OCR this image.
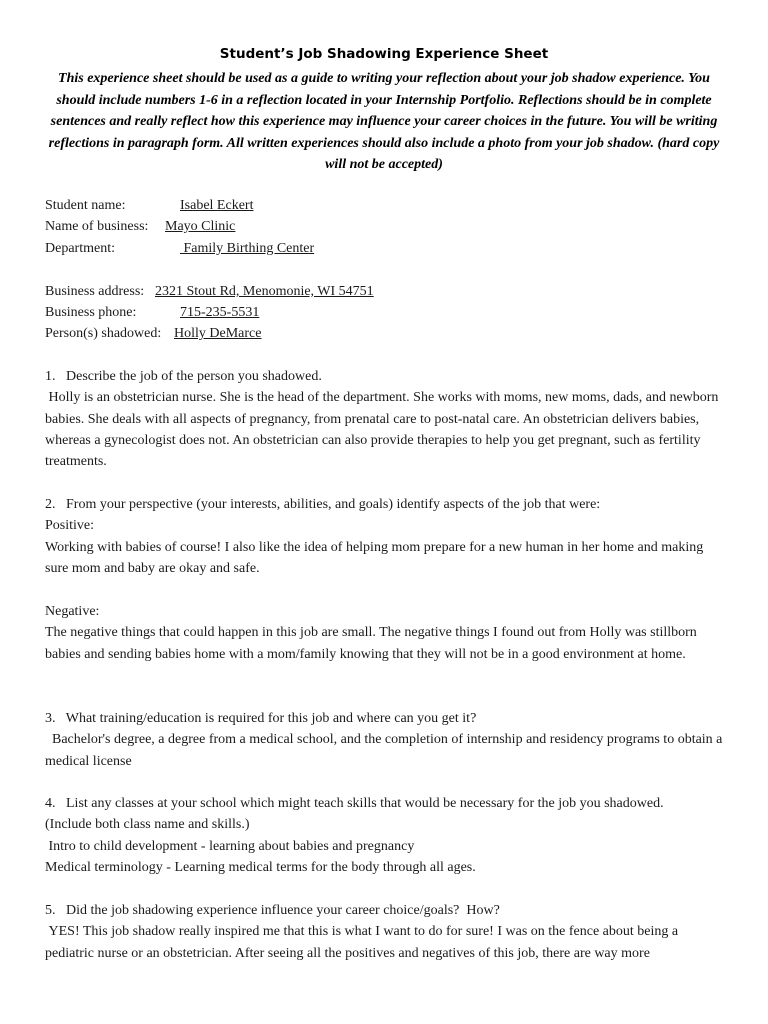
Student’s Job Shadowing Experience Sheet
This experience sheet should be used as a guide to writing your reflection about your job shadow experience. You should include numbers 1-6 in a reflection located in your Internship Portfolio. Reflections should be in complete sentences and really reflect how this experience may influence your career choices in the future. You will be writing reflections in paragraph form. All written experiences should also include a photo from your job shadow. (hard copy will not be accepted)
Student name:	Isabel Eckert
Name of business: Mayo Clinic
Department:	Family Birthing Center
Business address: 2321 Stout Rd, Menomonie, WI 54751
Business phone:	715-235-5531
Person(s) shadowed: Holly DeMarce

1.   Describe the job of the person you shadowed.

Holly is an obstetrician nurse. She is the head of the department. She works with moms, new moms, dads, and newborn babies. She deals with all aspects of pregnancy, from prenatal care to post-natal care. An obstetrician delivers babies, whereas a gynecologist does not. An obstetrician can also provide therapies to help you get pregnant, such as fertility treatments.

2.   From your perspective (your interests, abilities, and goals) identify aspects of the job that were:

Positive:

Working with babies of course! I also like the idea of helping mom prepare for a new human in her home and making sure mom and baby are okay and safe.

Negative:

The negative things that could happen in this job are small. The negative things I found out from Holly was stillborn babies and sending babies home with a mom/family knowing that they will not be in a good environment at home.

3.   What training/education is required for this job and where can you get it?

Bachelor's degree, a degree from a medical school, and the completion of internship and residency programs to obtain a medical license

4.   List any classes at your school which might teach skills that would be necessary for the job you shadowed.

(Include both class name and skills.)

Intro to child development - learning about babies and pregnancy

Medical terminology - Learning medical terms for the body through all ages.

5.   Did the job shadowing experience influence your career choice/goals?  How?

YES! This job shadow really inspired me that this is what I want to do for sure! I was on the fence about being a pediatric nurse or an obstetrician. After seeing all the positives and negatives of this job, there are way more
